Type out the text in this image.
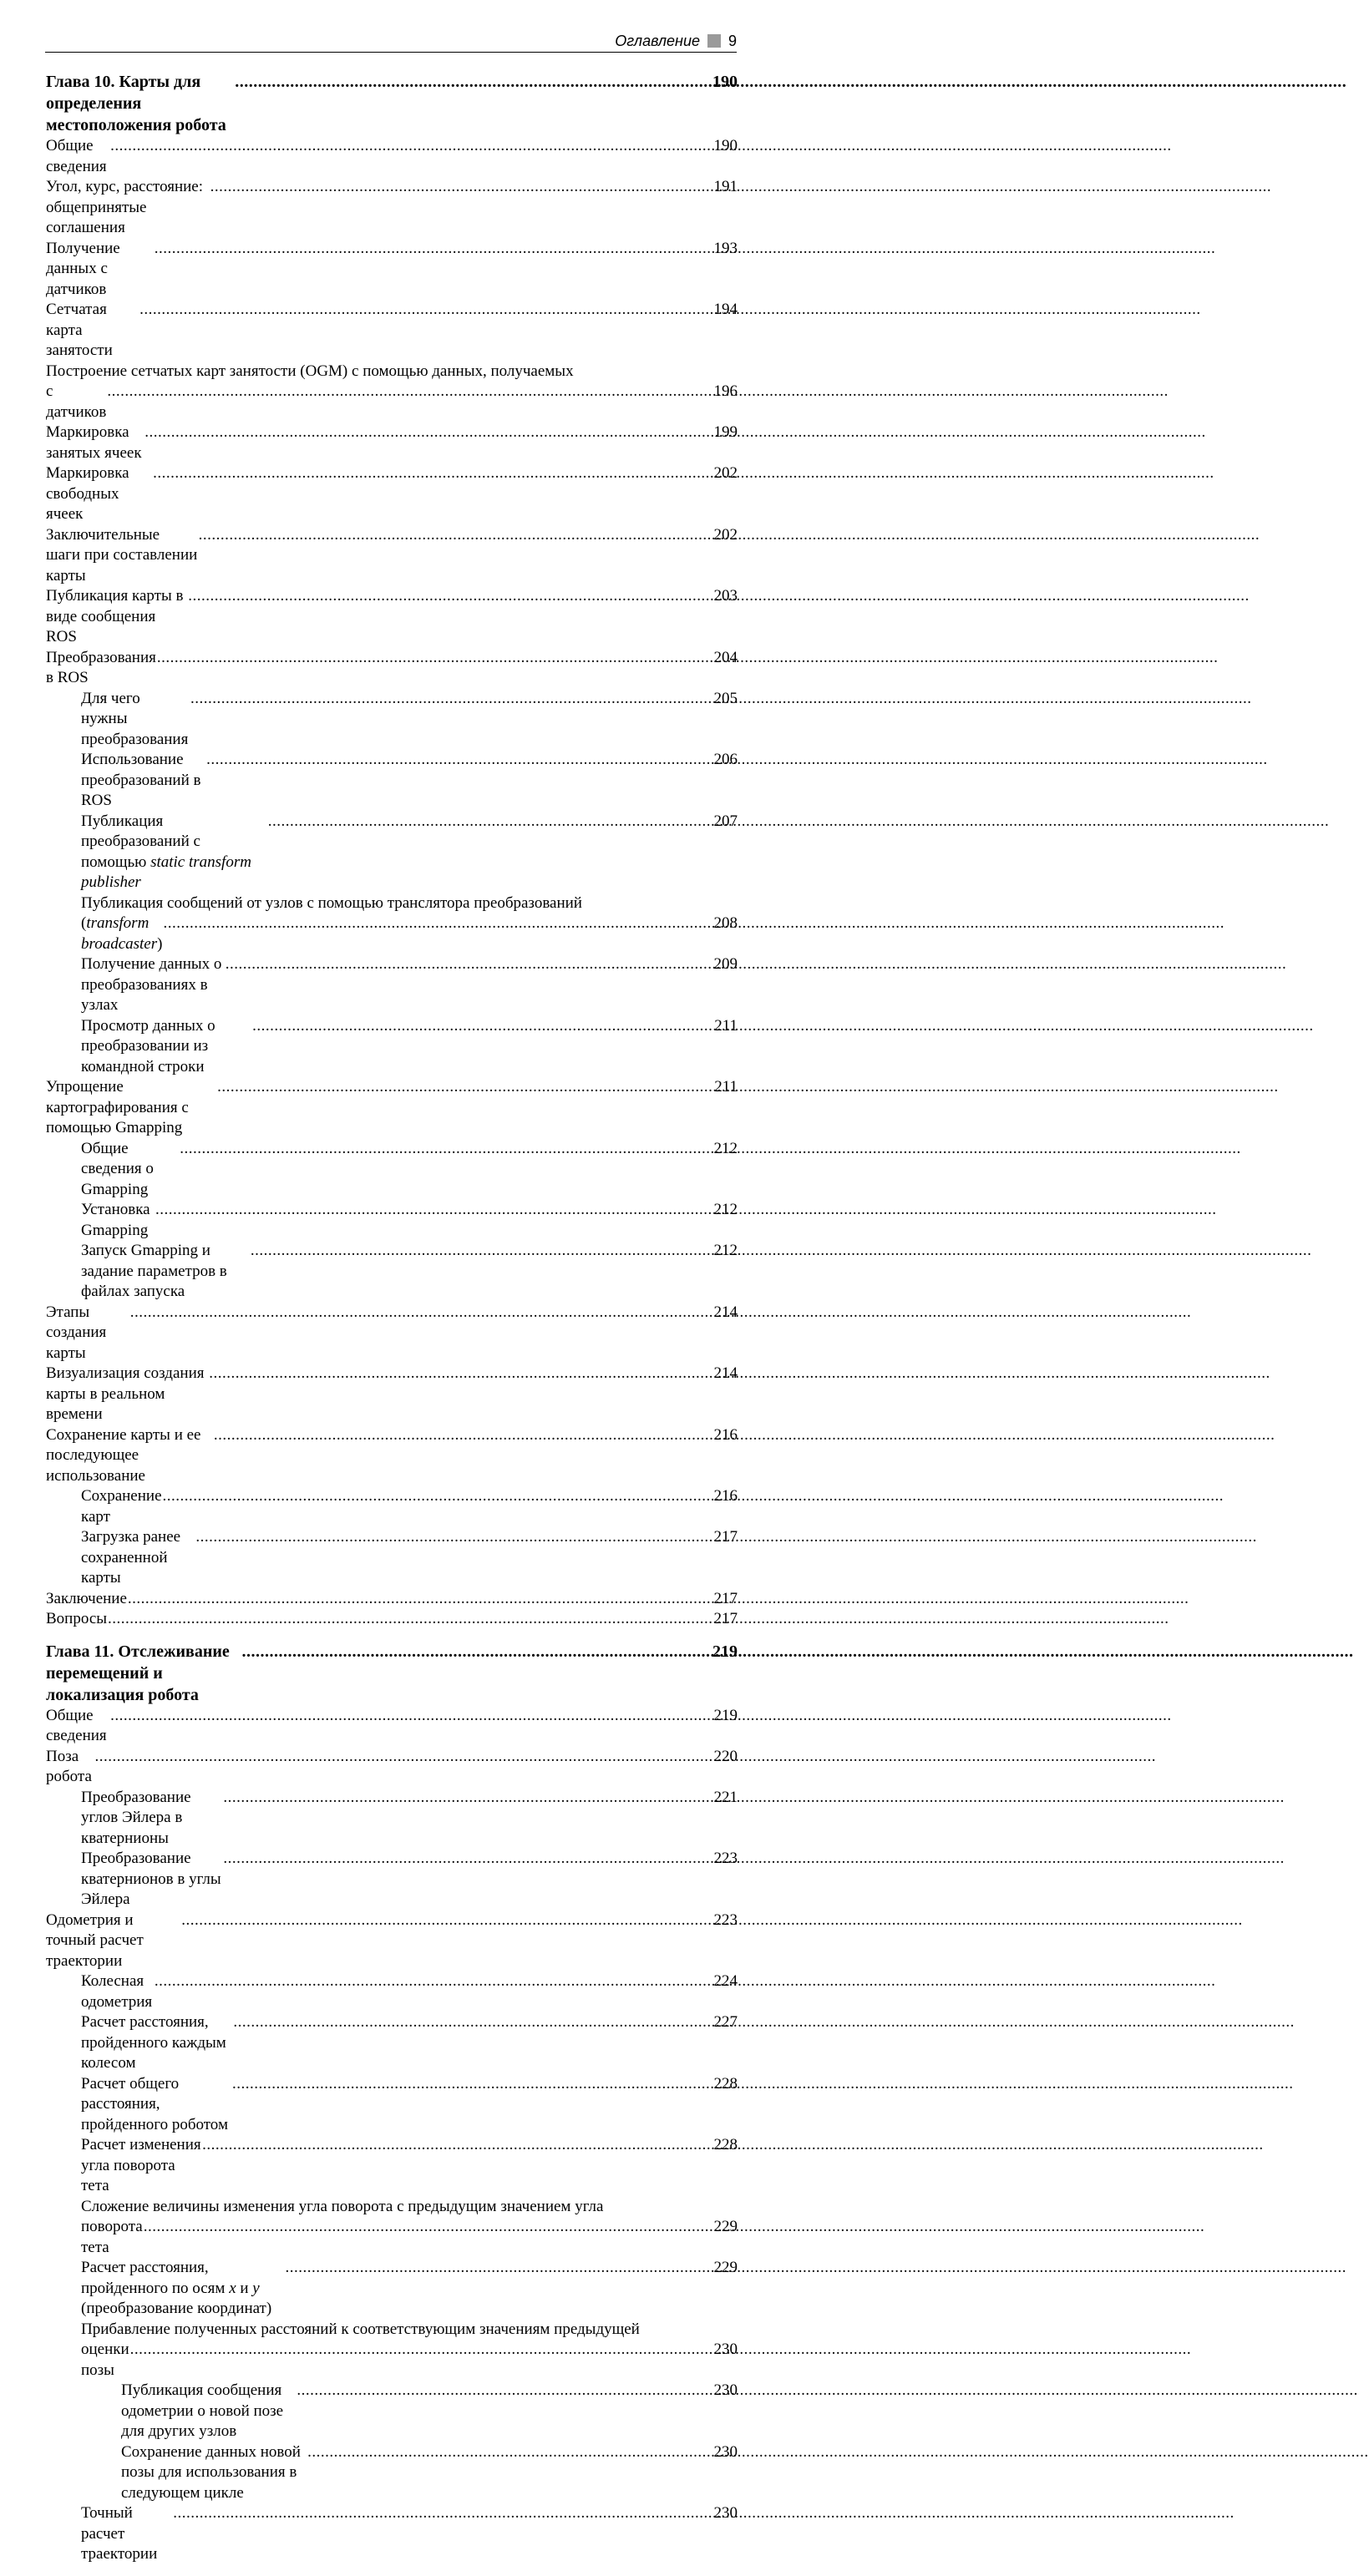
Оглавление 9
Глава 10. Карты для определения местоположения робота
.....
190
Общие сведения
.....
190
Угол, курс, расстояние: общепринятые соглашения
.....
191
Получение данных с датчиков
.....
193
Сетчатая карта занятости
.....
194
Построение сетчатых карт занятости (OGM) с помощью данных, получаемых
с датчиков
.....
196
Маркировка занятых ячеек
.....
199
Маркировка свободных ячеек
.....
202
Заключительные шаги при составлении карты
.....
202
Публикация карты в виде сообщения ROS
.....
203
Преобразования в ROS
.....
204
Для чего нужны преобразования
.....
205
Использование преобразований в ROS
.....
206
Публикация преобразований с помощью static transform publisher
.....
207
Публикация сообщений от узлов с помощью транслятора преобразований
(transform broadcaster)
.....
208
Получение данных о преобразованиях в узлах
.....
209
Просмотр данных о преобразовании из командной строки
.....
211
Упрощение картографирования с помощью Gmapping
.....
211
Общие сведения о Gmapping
.....
212
Установка Gmapping
.....
212
Запуск Gmapping и задание параметров в файлах запуска
.....
212
Этапы создания карты
.....
214
Визуализация создания карты в реальном времени
.....
214
Сохранение карты и ее последующее использование
.....
216
Сохранение карт
.....
216
Загрузка ранее сохраненной карты
.....
217
Заключение .....	217
Вопросы .....	217
Глава 11. Отслеживание перемещений и локализация робота
.....
219
Общие сведения
.....
219
Поза робота
.....
220
Преобразование углов Эйлера в кватернионы
.....
221
Преобразование кватернионов в углы Эйлера
.....
223
Одометрия и точный расчет траектории
.....
223
Колесная одометрия
.....
224
Расчет расстояния, пройденного каждым колесом
.....
227
Расчет общего расстояния, пройденного роботом
.....
228
Расчет изменения угла поворота тета
.....
228
Сложение величины изменения угла поворота с предыдущим значением угла
поворота тета
.....
229
Расчет расстояния, пройденного по осям x и y (преобразование координат)
.....
229
Прибавление полученных расстояний к соответствующим значениям предыдущей
оценки позы
.....
230
Публикация сообщения одометрии о новой позе для других узлов
.....
230
Сохранение данных новой позы для использования в следующем цикле
.....
230
Точный расчет траектории
.....
230
